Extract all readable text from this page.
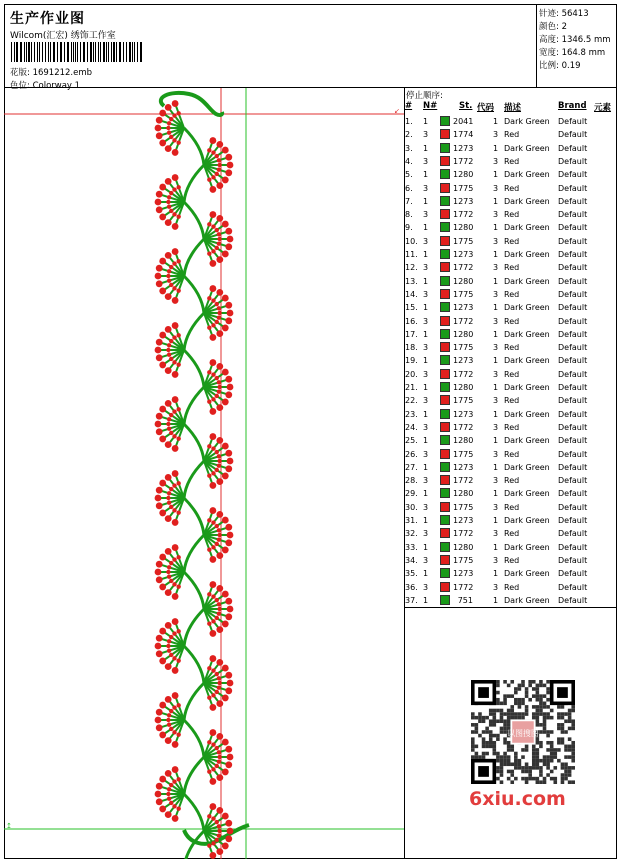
生产作业图
Wilcom(汇宏) 绣饰工作室
花版: 1691212.emb
色位: Colorway 1
针迹: 56413
颜色: 2
高度: 1346.5 mm
宽度: 164.8 mm
比例: 0.19
↙
↥
停止顺序:
# N#	St. 代码 描述	Brand 元素
1. 1	2041 1 Dark Green Default
2. 3	1774 3 Red	Default
3. 1	1273 1 Dark Green Default
4. 3	1772 3 Red	Default
5. 1	1280 1 Dark Green Default
6. 3	1775 3 Red	Default
7. 1	1273 1 Dark Green Default
8. 3	1772 3 Red	Default
9. 1	1280 1 Dark Green Default
10. 3	1775 3 Red	Default
11. 1	1273 1 Dark Green Default
12. 3	1772 3 Red	Default
13. 1	1280 1 Dark Green Default
14. 3	1775 3 Red	Default
15. 1	1273 1 Dark Green Default
16. 3	1772 3 Red	Default
17. 1	1280 1 Dark Green Default
18. 3	1775 3 Red	Default
19. 1	1273 1 Dark Green Default
20. 3	1772 3 Red	Default
21. 1	1280 1 Dark Green Default
22. 3	1775 3 Red	Default
23. 1	1273 1 Dark Green Default
24. 3	1772 3 Red	Default
25. 1	1280 1 Dark Green Default
26. 3	1775 3 Red	Default
27. 1	1273 1 Dark Green Default
28. 3	1772 3 Red	Default
29. 1	1280 1 Dark Green Default
30. 3	1775 3 Red	Default
31. 1	1273 1 Dark Green Default
32. 3	1772 3 Red	Default
33. 1	1280 1 Dark Green Default
34. 3	1775 3 Red	Default
35. 1	1273 1 Dark Green Default
36. 3	1772 3 Red	Default
37. 1	751	1 Dark Green Default
以图搜图
6xiu.com
